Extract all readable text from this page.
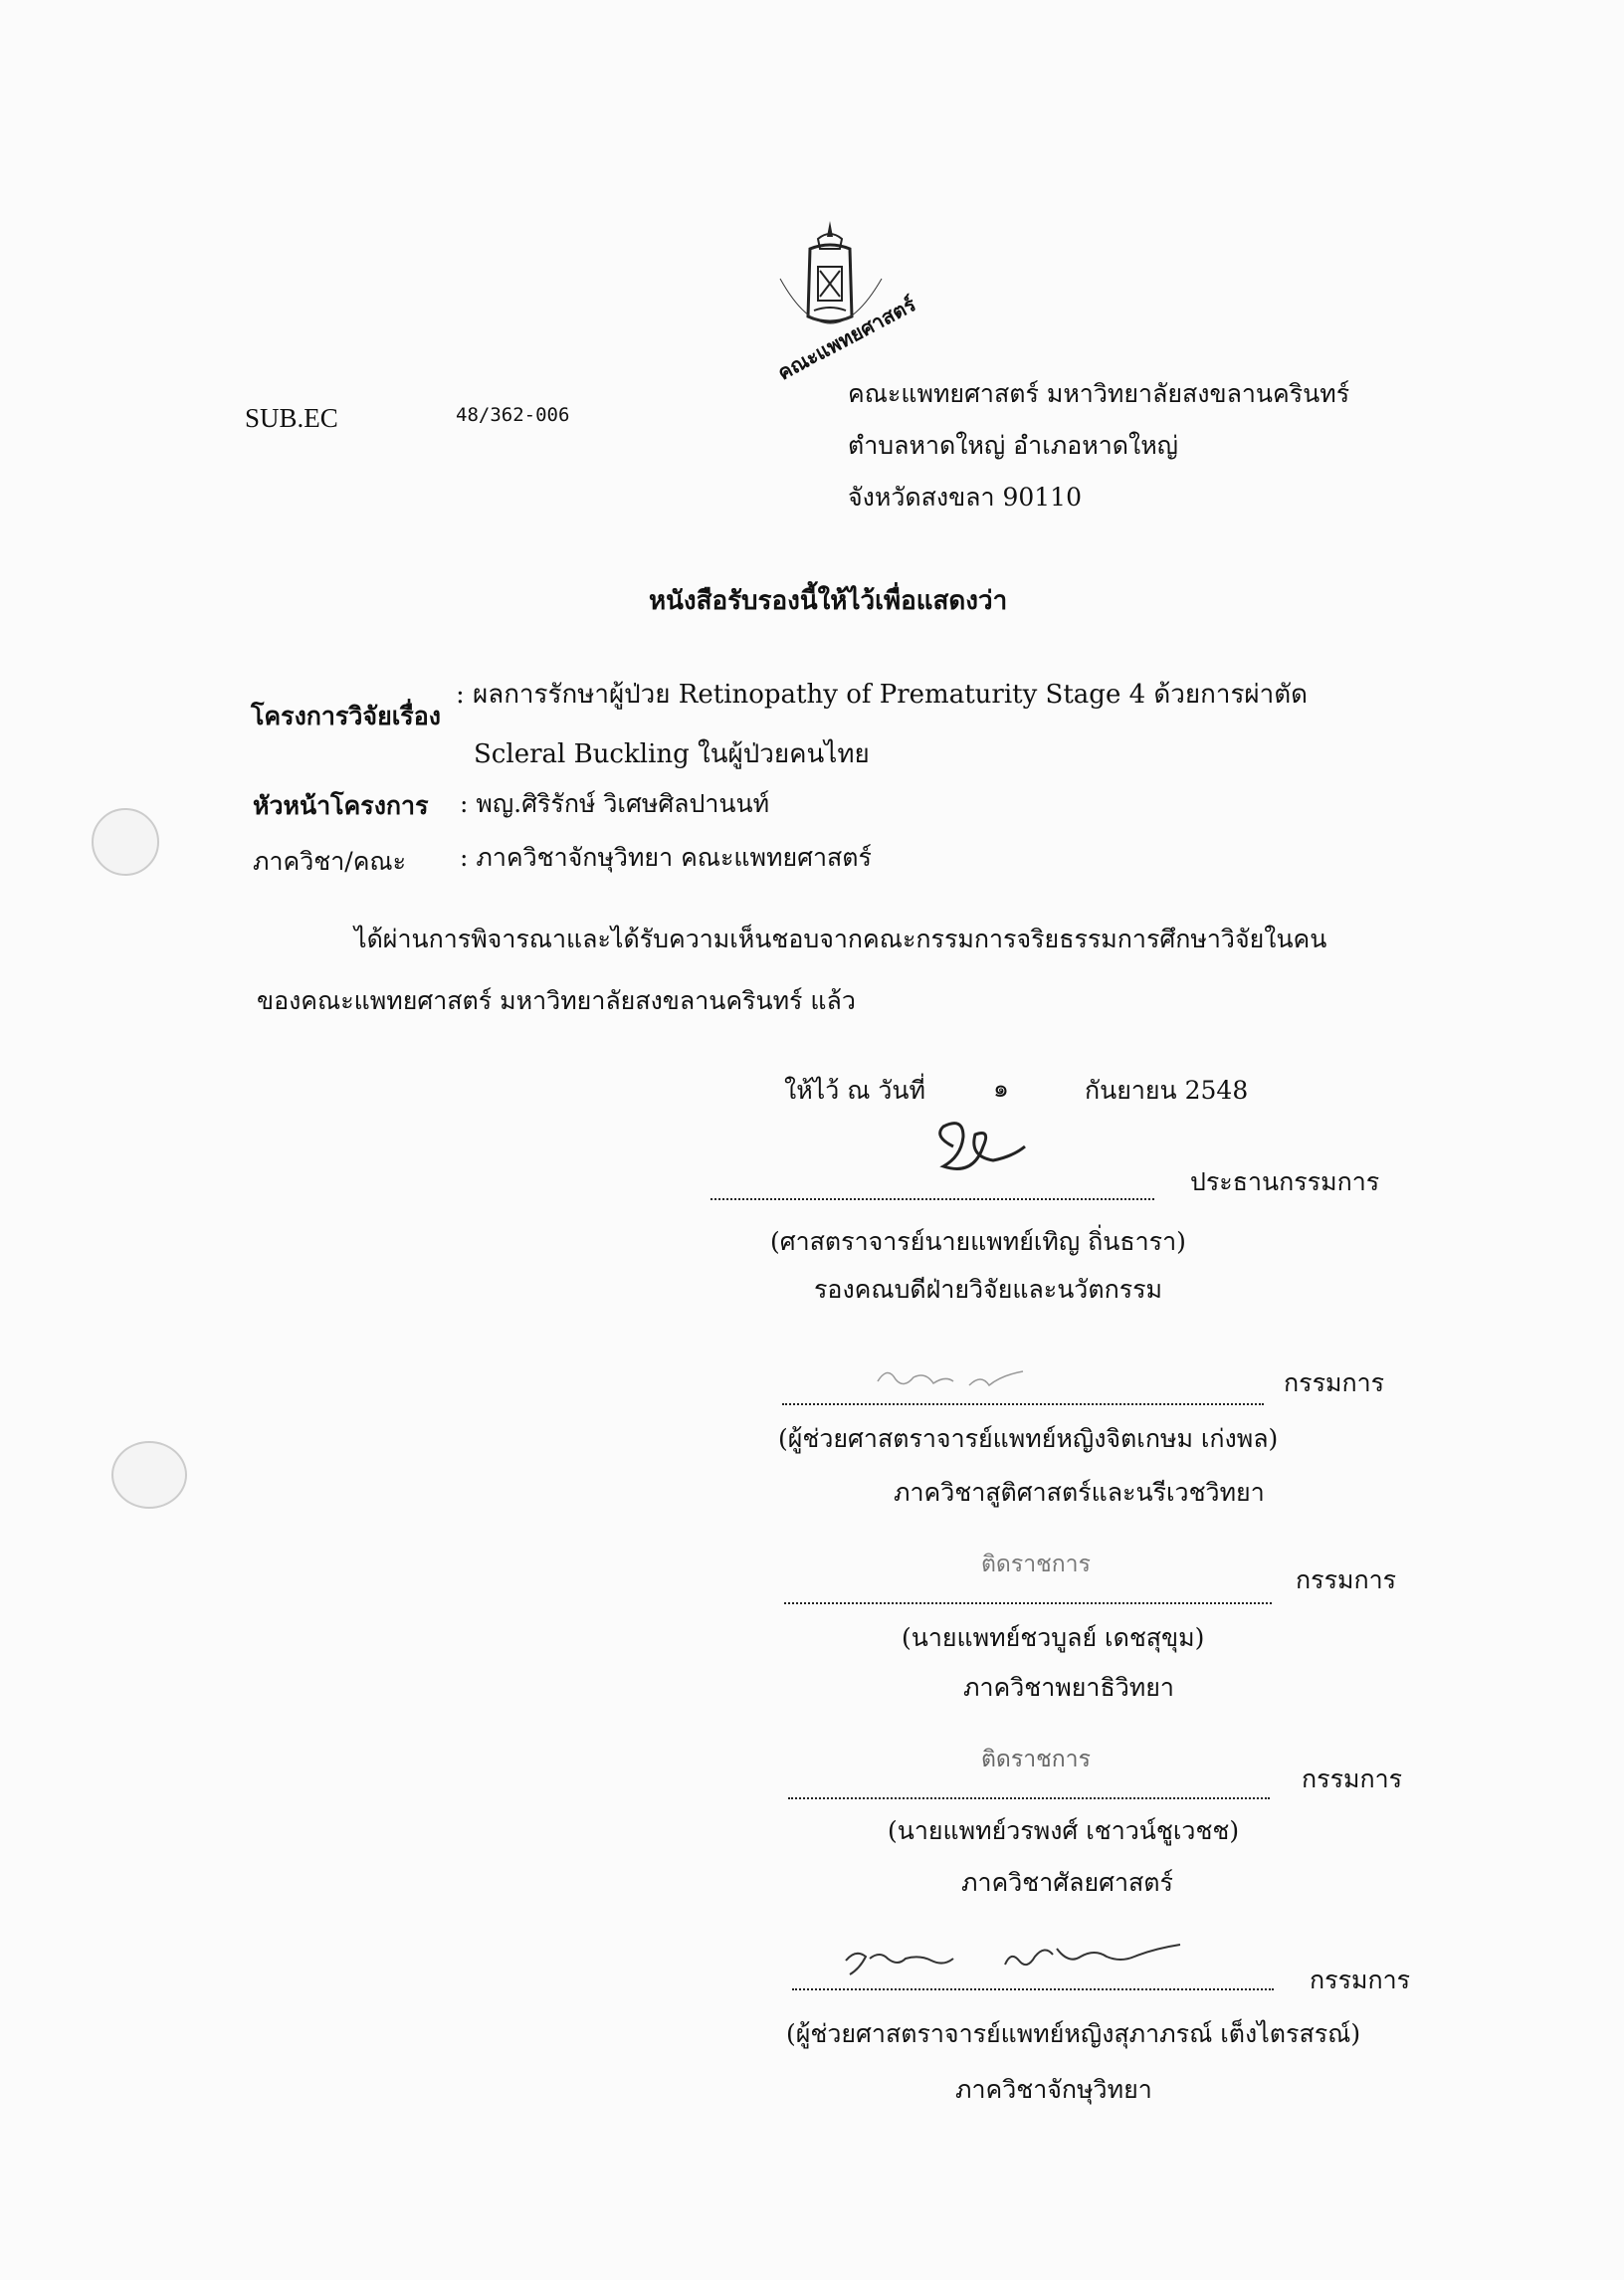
คณะแพทยศาสตร์
SUB.EC	48/362-006
คณะแพทยศาสตร์ มหาวิทยาลัยสงขลานครินทร์
ตำบลหาดใหญ่ อำเภอหาดใหญ่
จังหวัดสงขลา 90110
หนังสือรับรองนี้ให้ไว้เพื่อแสดงว่า
โครงการวิจัยเรื่อง
: ผลการรักษาผู้ป่วย Retinopathy of Prematurity Stage 4 ด้วยการผ่าตัด
Scleral Buckling ในผู้ป่วยคนไทย
หัวหน้าโครงการ : พญ.ศิริรักษ์ วิเศษศิลปานนท์
ภาควิชา/คณะ : ภาควิชาจักษุวิทยา คณะแพทยศาสตร์
ได้ผ่านการพิจารณาและได้รับความเห็นชอบจากคณะกรรมการจริยธรรมการศึกษาวิจัยในคน
ของคณะแพทยศาสตร์ มหาวิทยาลัยสงขลานครินทร์ แล้ว
ให้ไว้ ณ วันที่	๑	กันยายน 2548
ประธานกรรมการ
(ศาสตราจารย์นายแพทย์เทิญ ถิ่นธารา)
รองคณบดีฝ่ายวิจัยและนวัตกรรม
กรรมการ
(ผู้ช่วยศาสตราจารย์แพทย์หญิงจิตเกษม เก่งพล)
ภาควิชาสูติศาสตร์และนรีเวชวิทยา
ติดราชการ
กรรมการ
(นายแพทย์ชวบูลย์ เดชสุขุม)
ภาควิชาพยาธิวิทยา
ติดราชการ
กรรมการ
(นายแพทย์วรพงศ์ เชาวน์ชูเวชช)
ภาควิชาศัลยศาสตร์
กรรมการ
(ผู้ช่วยศาสตราจารย์แพทย์หญิงสุภาภรณ์ เต็งไตรสรณ์)
ภาควิชาจักษุวิทยา
